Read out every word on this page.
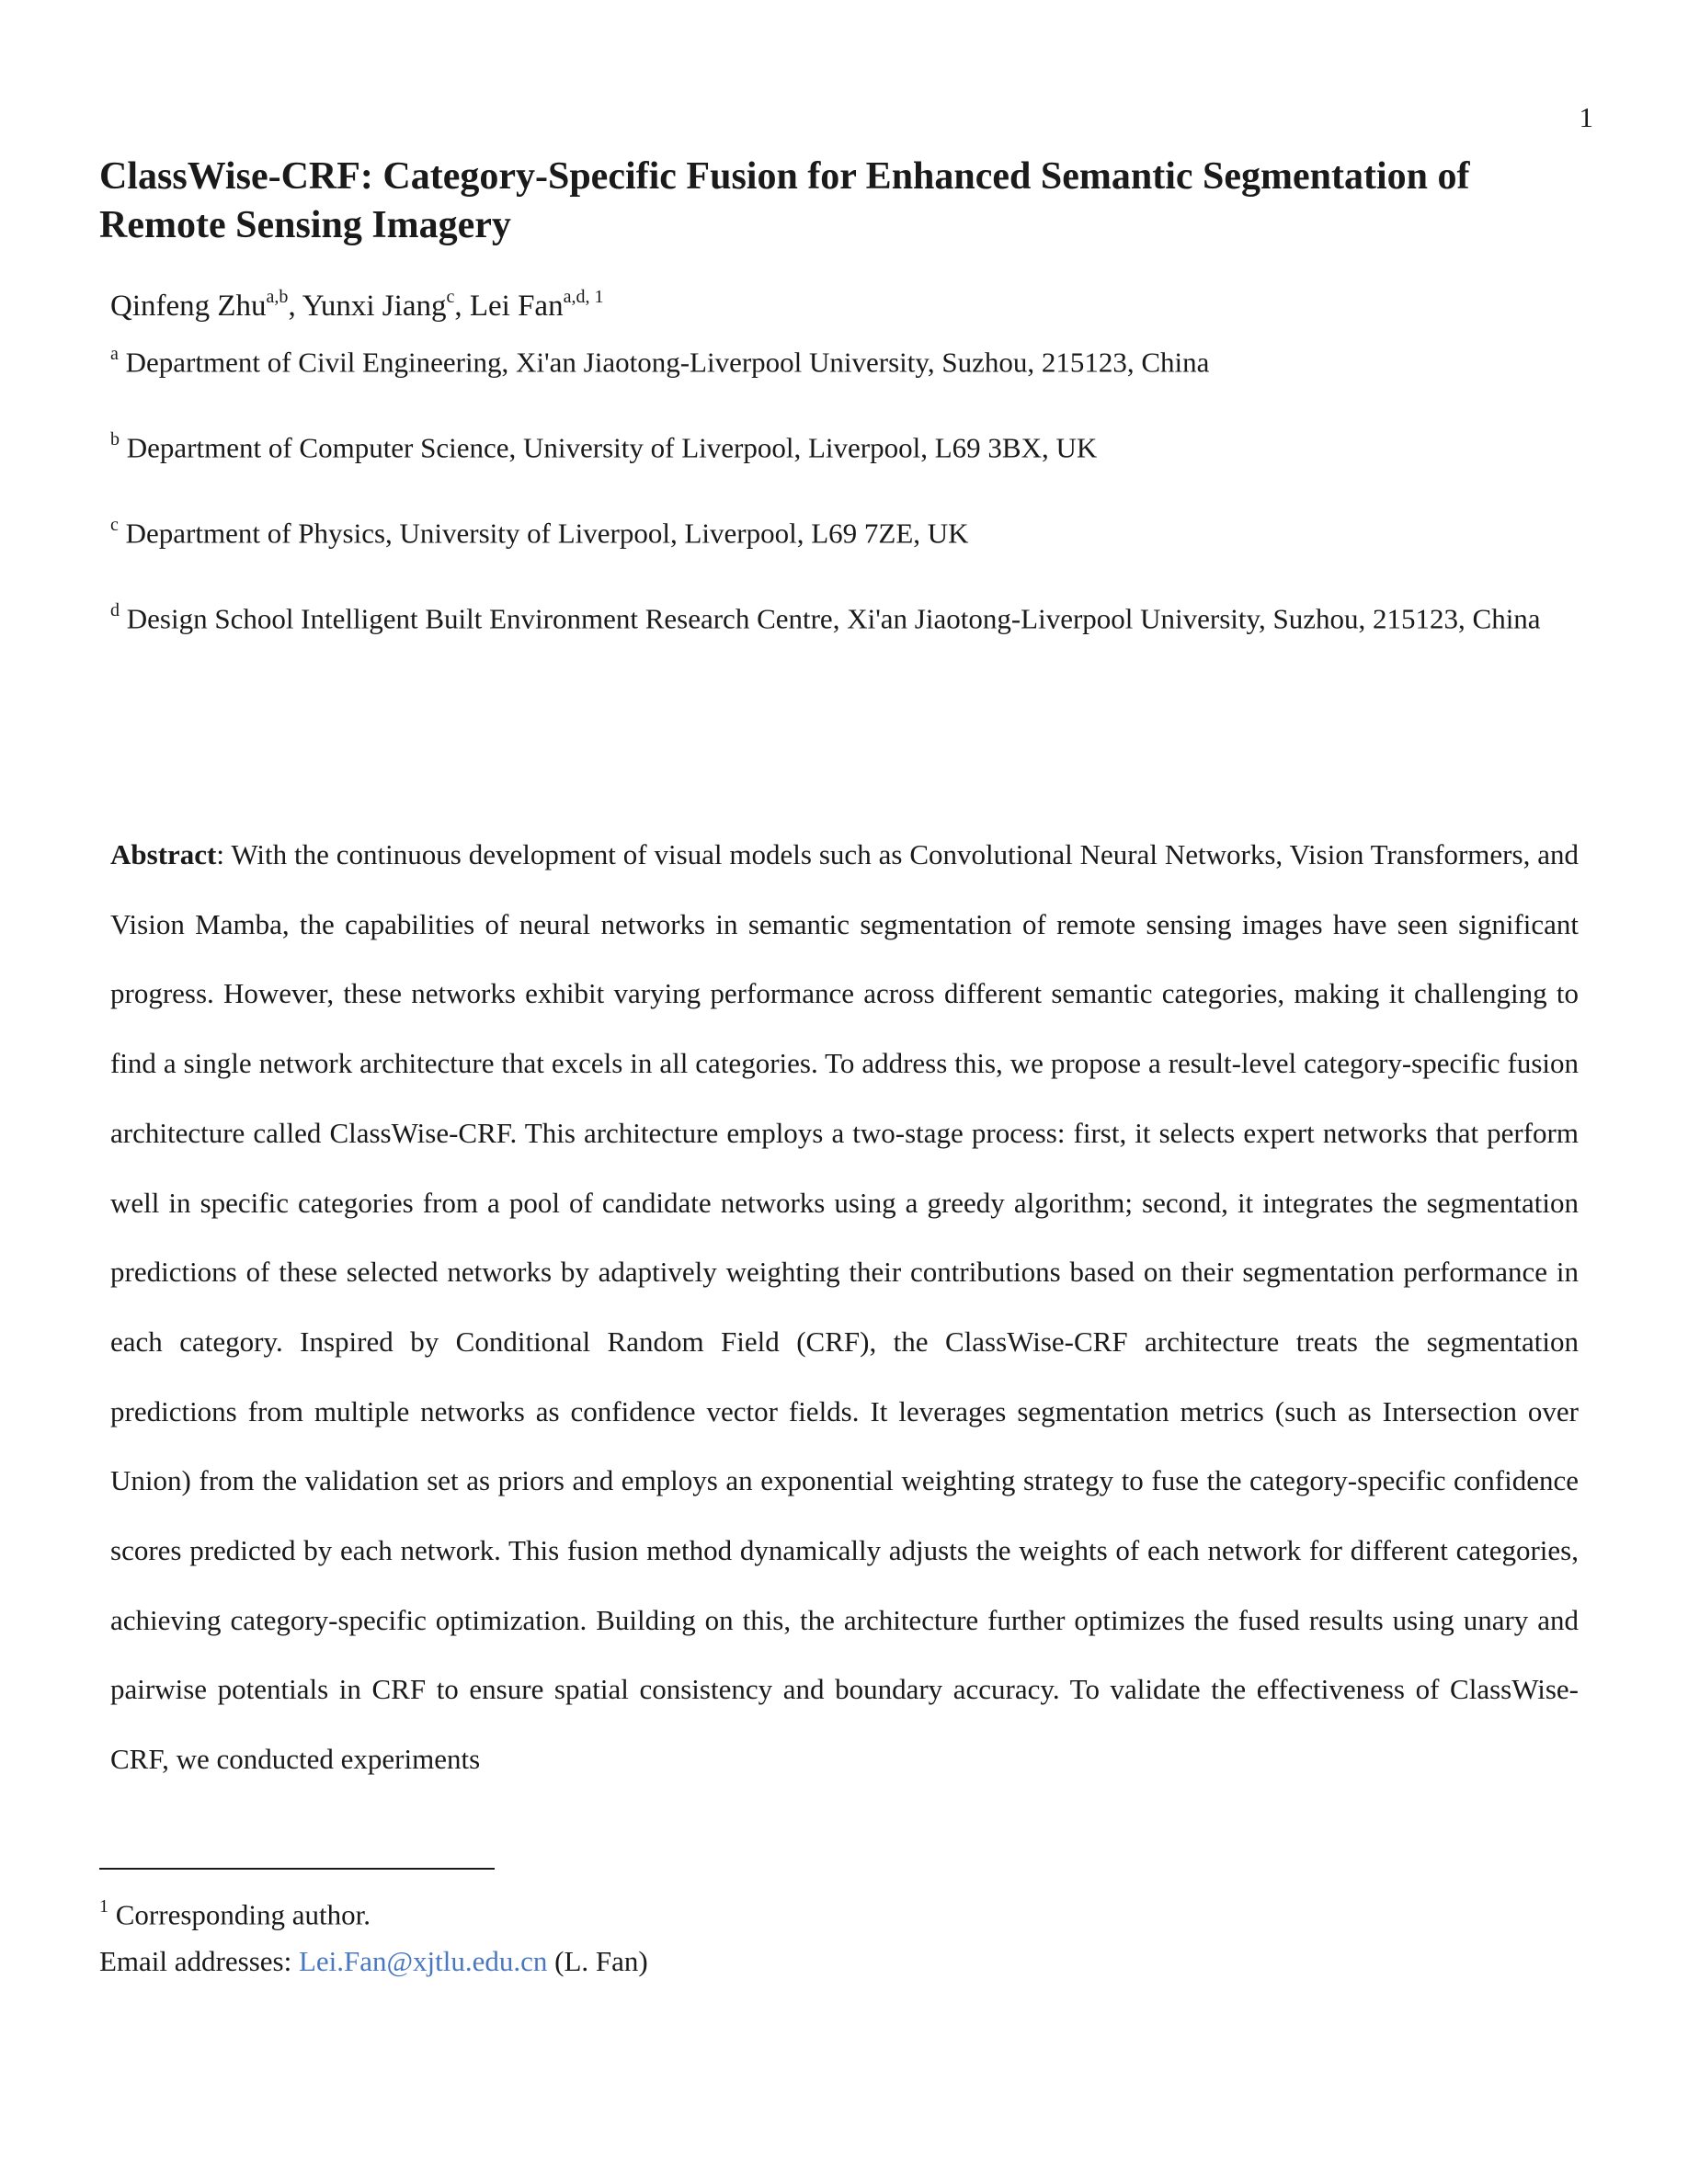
1
ClassWise-CRF: Category-Specific Fusion for Enhanced Semantic Segmentation of Remote Sensing Imagery
Qinfeng Zhu$^{a,b}$, Yunxi Jiang$^c$, Lei Fan$^{a,d, 1}$
$^a$ Department of Civil Engineering, Xi'an Jiaotong-Liverpool University, Suzhou, 215123, China
$^b$ Department of Computer Science, University of Liverpool, Liverpool, L69 3BX, UK
$^c$ Department of Physics, University of Liverpool, Liverpool, L69 7ZE, UK
$^d$ Design School Intelligent Built Environment Research Centre, Xi'an Jiaotong-Liverpool University, Suzhou, 215123, China

Abstract: With the continuous development of visual models such as Convolutional Neural Networks, Vision Transformers, and Vision Mamba, the capabilities of neural networks in semantic segmentation of remote sensing images have seen significant progress. However, these networks exhibit varying performance across different semantic categories, making it challenging to find a single network architecture that excels in all categories. To address this, we propose a result-level category-specific fusion architecture called ClassWise-CRF. This architecture employs a two-stage process: first, it selects expert networks that perform well in specific categories from a pool of candidate networks using a greedy algorithm; second, it integrates the segmentation predictions of these selected networks by adaptively weighting their contributions based on their segmentation performance in each category. Inspired by Conditional Random Field (CRF), the ClassWise-CRF architecture treats the segmentation predictions from multiple networks as confidence vector fields. It leverages segmentation metrics (such as Intersection over Union) from the validation set as priors and employs an exponential weighting strategy to fuse the category-specific confidence scores predicted by each network. This fusion method dynamically adjusts the weights of each network for different categories, achieving category-specific optimization. Building on this, the architecture further optimizes the fused results using unary and pairwise potentials in CRF to ensure spatial consistency and boundary accuracy. To validate the effectiveness of ClassWise-CRF, we conducted experiments

$^1$ Corresponding author.
Email addresses: Lei.Fan@xjtlu.edu.cn (L. Fan)
